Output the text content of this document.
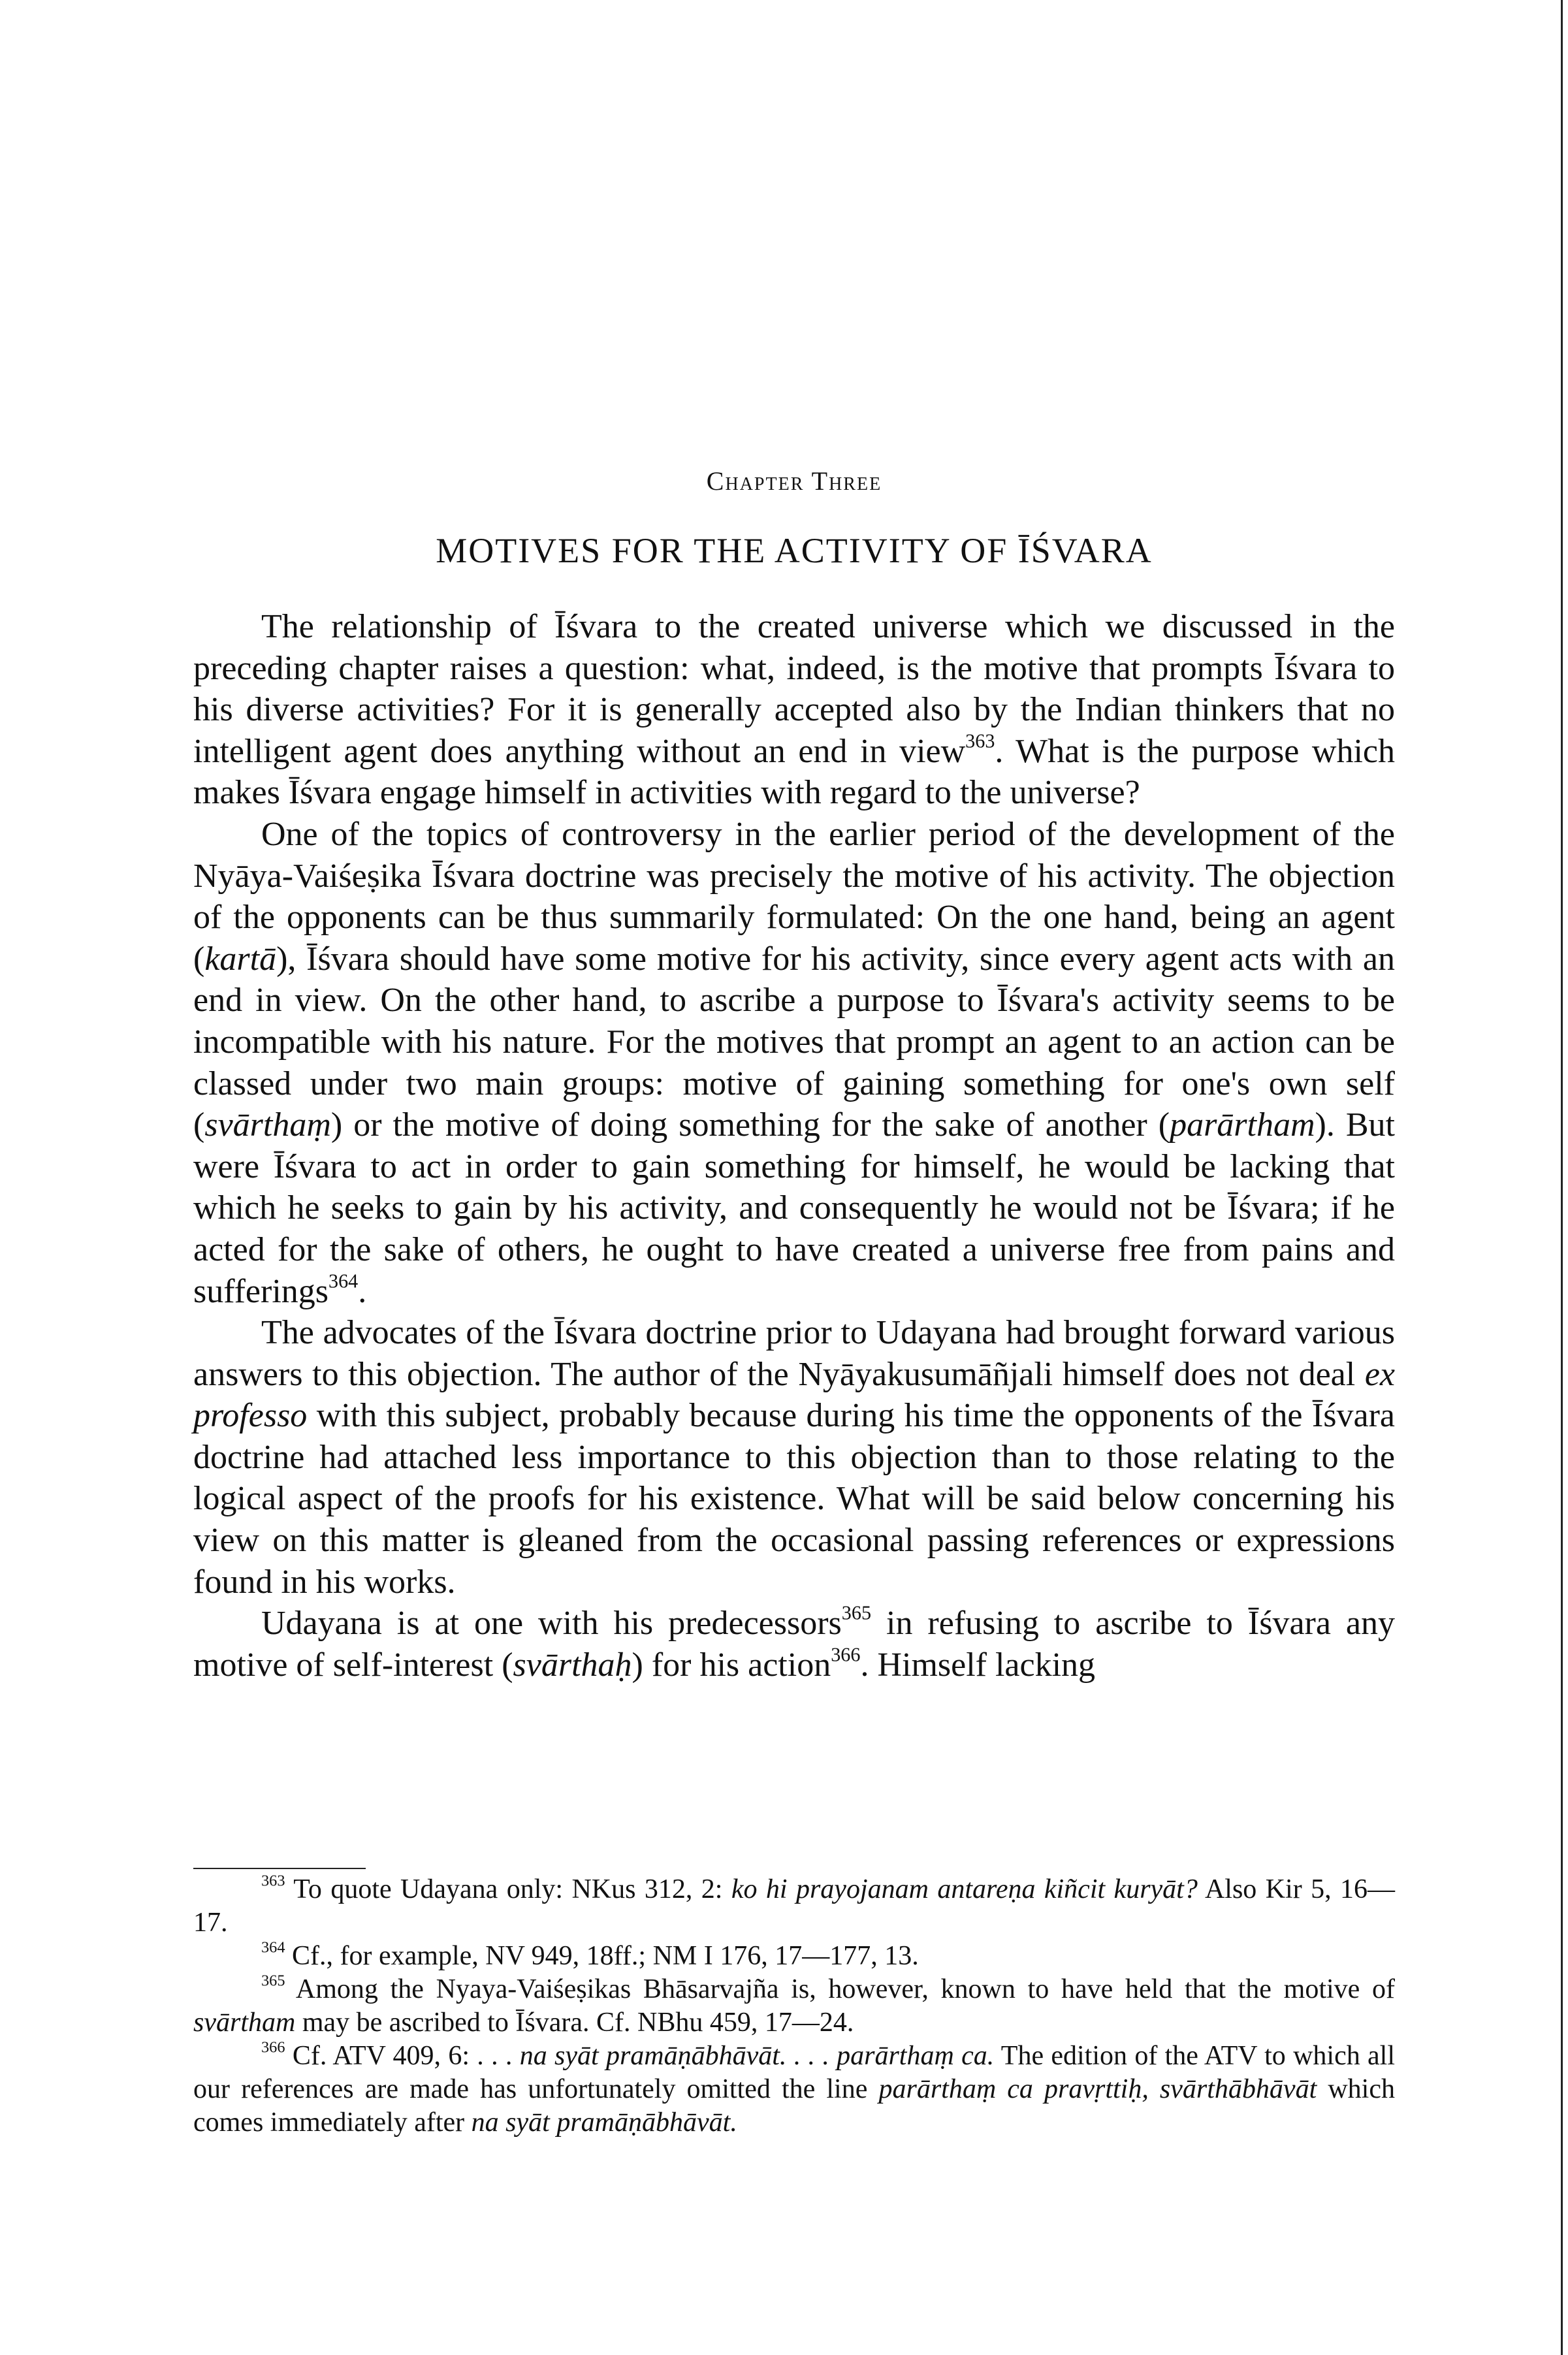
Chapter Three
MOTIVES FOR THE ACTIVITY OF ĪŚVARA

The relationship of Īśvara to the created universe which we discussed in the preceding chapter raises a question: what, indeed, is the motive that prompts Īśvara to his diverse activities? For it is generally accepted also by the Indian thinkers that no intelligent agent does anything without an end in view$^{363}$. What is the purpose which makes Īśvara engage himself in activities with regard to the universe?

One of the topics of controversy in the earlier period of the development of the Nyāya-Vaiśeṣika Īśvara doctrine was precisely the motive of his activity. The objection of the opponents can be thus summarily formulated: On the one hand, being an agent (kartā), Īśvara should have some motive for his activity, since every agent acts with an end in view. On the other hand, to ascribe a purpose to Īśvara's activity seems to be incompatible with his nature. For the motives that prompt an agent to an action can be classed under two main groups: motive of gaining something for one's own self (svārthaṃ) or the motive of doing something for the sake of another (parārtham). But were Īśvara to act in order to gain something for himself, he would be lacking that which he seeks to gain by his activity, and consequently he would not be Īśvara; if he acted for the sake of others, he ought to have created a universe free from pains and sufferings$^{364}$.

The advocates of the Īśvara doctrine prior to Udayana had brought forward various answers to this objection. The author of the Nyāyakusumāñjali himself does not deal ex professo with this subject, probably because during his time the opponents of the Īśvara doctrine had attached less importance to this objection than to those relating to the logical aspect of the proofs for his existence. What will be said below concerning his view on this matter is gleaned from the occasional passing references or expressions found in his works.

Udayana is at one with his predecessors$^{365}$ in refusing to ascribe to Īśvara any motive of self-interest (svārthaḥ) for his action$^{366}$. Himself lacking

$^{363}$ To quote Udayana only: NKus 312, 2: ko hi prayojanam antareṇa kiñcit kuryāt? Also Kir 5, 16—17.

$^{364}$ Cf., for example, NV 949, 18ff.; NM I 176, 17—177, 13.

$^{365}$ Among the Nyaya-Vaiśeṣikas Bhāsarvajña is, however, known to have held that the motive of svārtham may be ascribed to Īśvara. Cf. NBhu 459, 17—24.

$^{366}$ Cf. ATV 409, 6: . . . na syāt pramāṇābhāvāt. . . . parārthaṃ ca. The edition of the ATV to which all our references are made has unfortunately omitted the line parārthaṃ ca pravṛttiḥ, svārthābhāvāt which comes immediately after na syāt pramāṇābhāvāt.
